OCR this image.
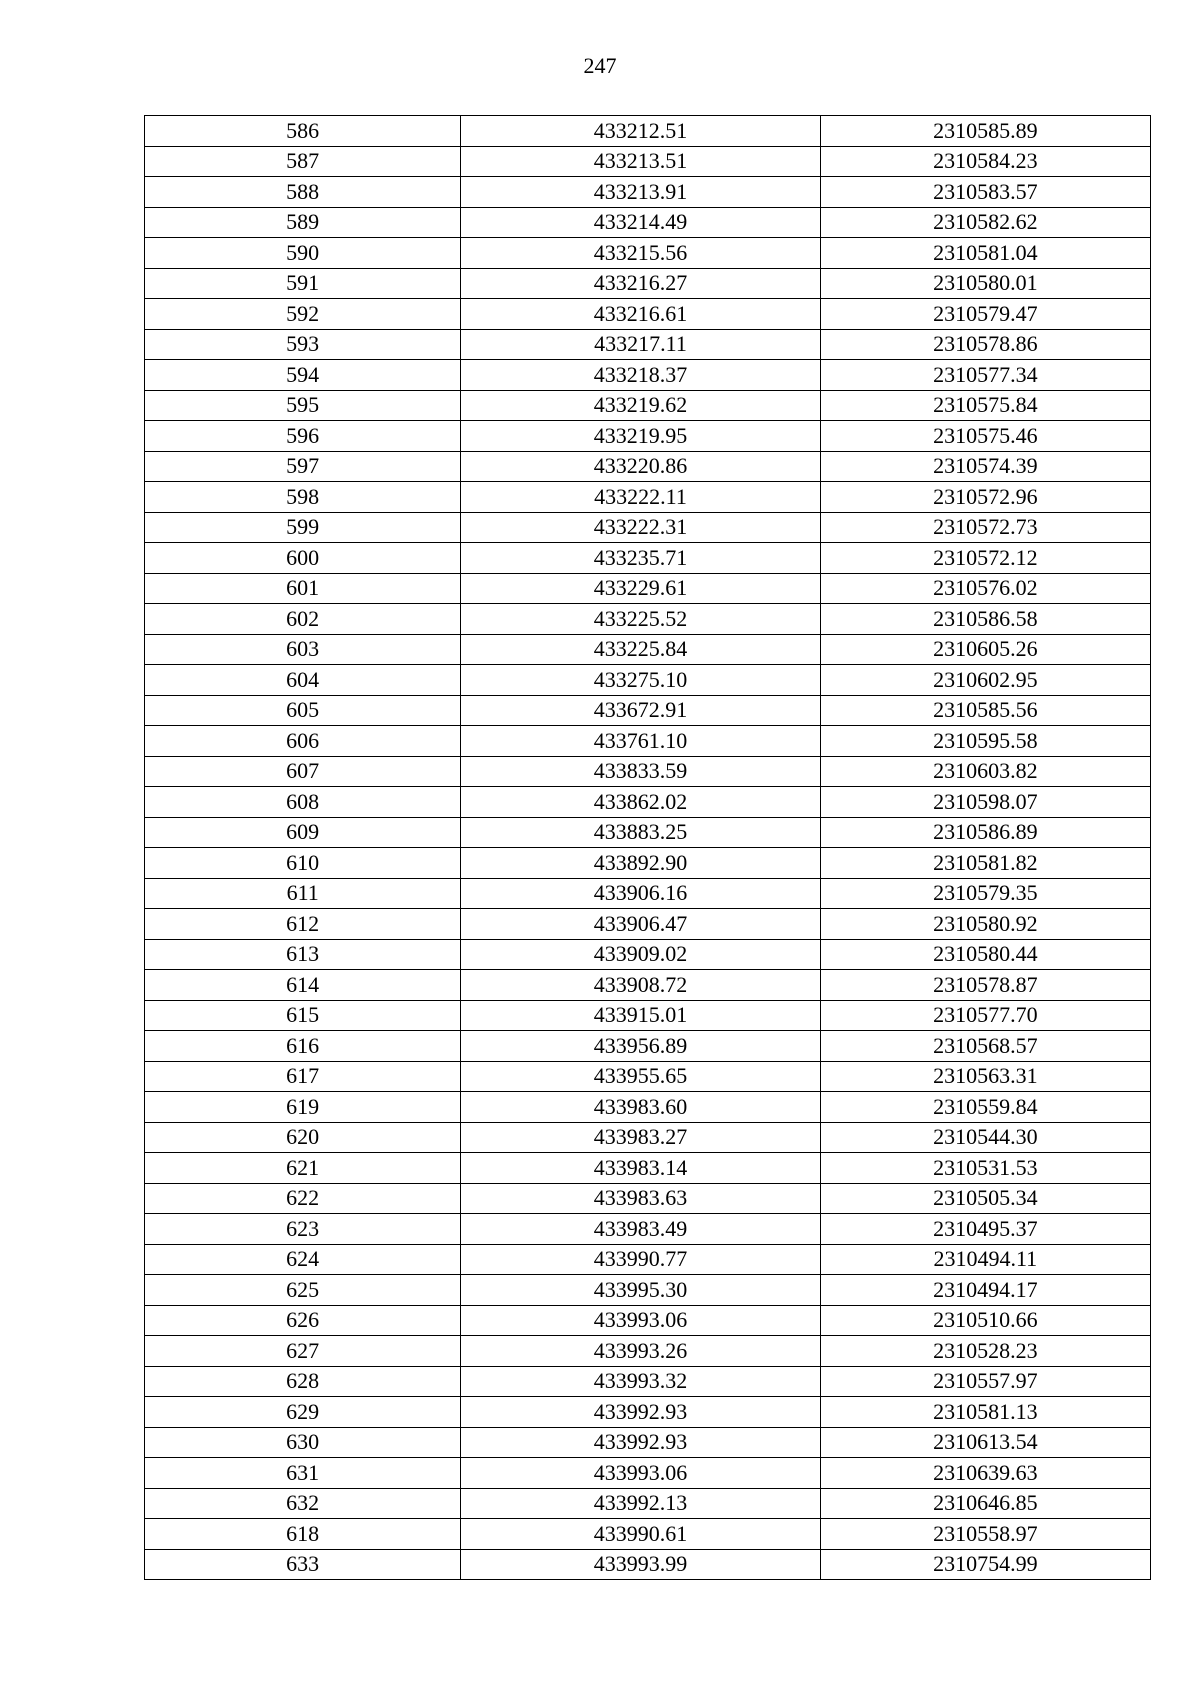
247
586	433212.51	2310585.89
587	433213.51	2310584.23
588	433213.91	2310583.57
589	433214.49	2310582.62
590	433215.56	2310581.04
591	433216.27	2310580.01
592	433216.61	2310579.47
593	433217.11	2310578.86
594	433218.37	2310577.34
595	433219.62	2310575.84
596	433219.95	2310575.46
597	433220.86	2310574.39
598	433222.11	2310572.96
599	433222.31	2310572.73
600	433235.71	2310572.12
601	433229.61	2310576.02
602	433225.52	2310586.58
603	433225.84	2310605.26
604	433275.10	2310602.95
605	433672.91	2310585.56
606	433761.10	2310595.58
607	433833.59	2310603.82
608	433862.02	2310598.07
609	433883.25	2310586.89
610	433892.90	2310581.82
611	433906.16	2310579.35
612	433906.47	2310580.92
613	433909.02	2310580.44
614	433908.72	2310578.87
615	433915.01	2310577.70
616	433956.89	2310568.57
617	433955.65	2310563.31
619	433983.60	2310559.84
620	433983.27	2310544.30
621	433983.14	2310531.53
622	433983.63	2310505.34
623	433983.49	2310495.37
624	433990.77	2310494.11
625	433995.30	2310494.17
626	433993.06	2310510.66
627	433993.26	2310528.23
628	433993.32	2310557.97
629	433992.93	2310581.13
630	433992.93	2310613.54
631	433993.06	2310639.63
632	433992.13	2310646.85
618	433990.61	2310558.97
633	433993.99	2310754.99
